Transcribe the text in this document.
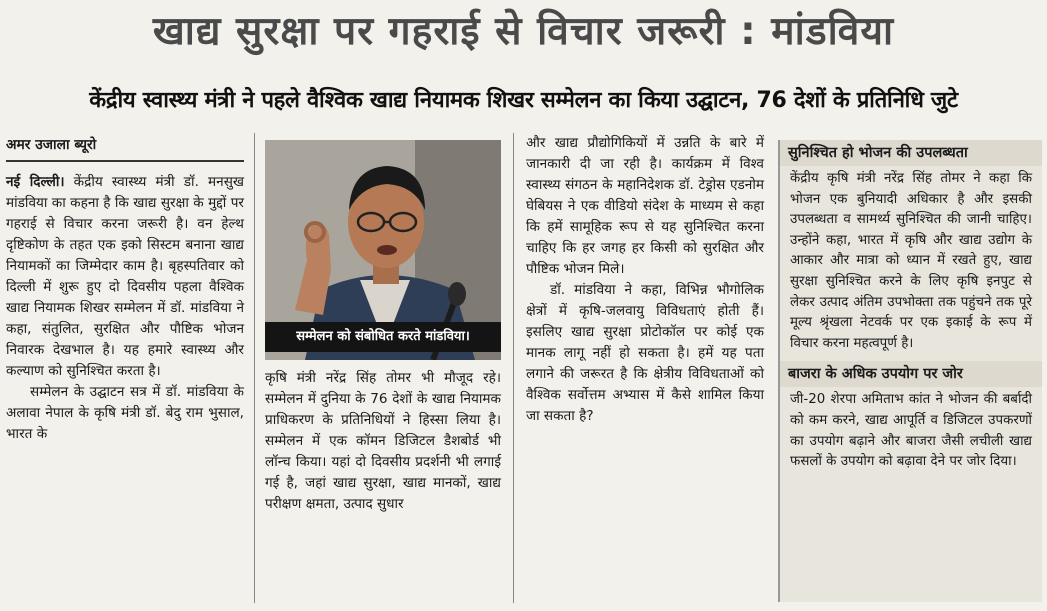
खाद्य सुरक्षा पर गहराई से विचार जरूरी : मांडविया
केंद्रीय स्वास्थ्य मंत्री ने पहले वैश्विक खाद्य नियामक शिखर सम्मेलन का किया उद्घाटन, 76 देशों के प्रतिनिधि जुटे
अमर उजाला ब्यूरो

नई दिल्ली। केंद्रीय स्वास्थ्य मंत्री डॉ. मनसुख मांडविया का कहना है कि खाद्य सुरक्षा के मुद्दों पर गहराई से विचार करना जरूरी है। वन हेल्थ दृष्टिकोण के तहत एक इको सिस्टम बनाना खाद्य नियामकों का जिम्मेदार काम है। बृहस्पतिवार को दिल्ली में शुरू हुए दो दिवसीय पहला वैश्विक खाद्य नियामक शिखर सम्मेलन में डॉ. मांडविया ने कहा, संतुलित, सुरक्षित और पौष्टिक भोजन निवारक देखभाल है। यह हमारे स्वास्थ्य और कल्याण को सुनिश्चित करता है।

सम्मेलन के उद्घाटन सत्र में डॉ. मांडविया के अलावा नेपाल के कृषि मंत्री डॉ. बेदु राम भुसाल, भारत के

सम्मेलन को संबोधित करते मांडविया।

कृषि मंत्री नरेंद्र सिंह तोमर भी मौजूद रहे। सम्मेलन में दुनिया के 76 देशों के खाद्य नियामक प्राधिकरण के प्रतिनिधियों ने हिस्सा लिया है। सम्मेलन में एक कॉमन डिजिटल डैशबोर्ड भी लॉन्च किया। यहां दो दिवसीय प्रदर्शनी भी लगाई गई है, जहां खाद्य सुरक्षा, खाद्य मानकों, खाद्य परीक्षण क्षमता, उत्पाद सुधार

और खाद्य प्रौद्योगिकियों में उन्नति के बारे में जानकारी दी जा रही है। कार्यक्रम में विश्व स्वास्थ्य संगठन के महानिदेशक डॉ. टेड्रोस एडनोम घेबियस ने एक वीडियो संदेश के माध्यम से कहा कि हमें सामूहिक रूप से यह सुनिश्चित करना चाहिए कि हर जगह हर किसी को सुरक्षित और पौष्टिक भोजन मिले।

डॉ. मांडविया ने कहा, विभिन्न भौगोलिक क्षेत्रों में कृषि-जलवायु विविधताएं होती हैं। इसलिए खाद्य सुरक्षा प्रोटोकॉल पर कोई एक मानक लागू नहीं हो सकता है। हमें यह पता लगाने की जरूरत है कि क्षेत्रीय विविधताओं को वैश्विक सर्वोत्तम अभ्यास में कैसे शामिल किया जा सकता है?

सुनिश्चित हो भोजन की उपलब्धता

केंद्रीय कृषि मंत्री नरेंद्र सिंह तोमर ने कहा कि भोजन एक बुनियादी अधिकार है और इसकी उपलब्धता व सामर्थ्य सुनिश्चित की जानी चाहिए। उन्होंने कहा, भारत में कृषि और खाद्य उद्योग के आकार और मात्रा को ध्यान में रखते हुए, खाद्य सुरक्षा सुनिश्चित करने के लिए कृषि इनपुट से लेकर उत्पाद अंतिम उपभोक्ता तक पहुंचने तक पूरे मूल्य श्रृंखला नेटवर्क पर एक इकाई के रूप में विचार करना महत्वपूर्ण है।

बाजरा के अधिक उपयोग पर जोर

जी-20 शेरपा अमिताभ कांत ने भोजन की बर्बादी को कम करने, खाद्य आपूर्ति व डिजिटल उपकरणों का उपयोग बढ़ाने और बाजरा जैसी लचीली खाद्य फसलों के उपयोग को बढ़ावा देने पर जोर दिया।
